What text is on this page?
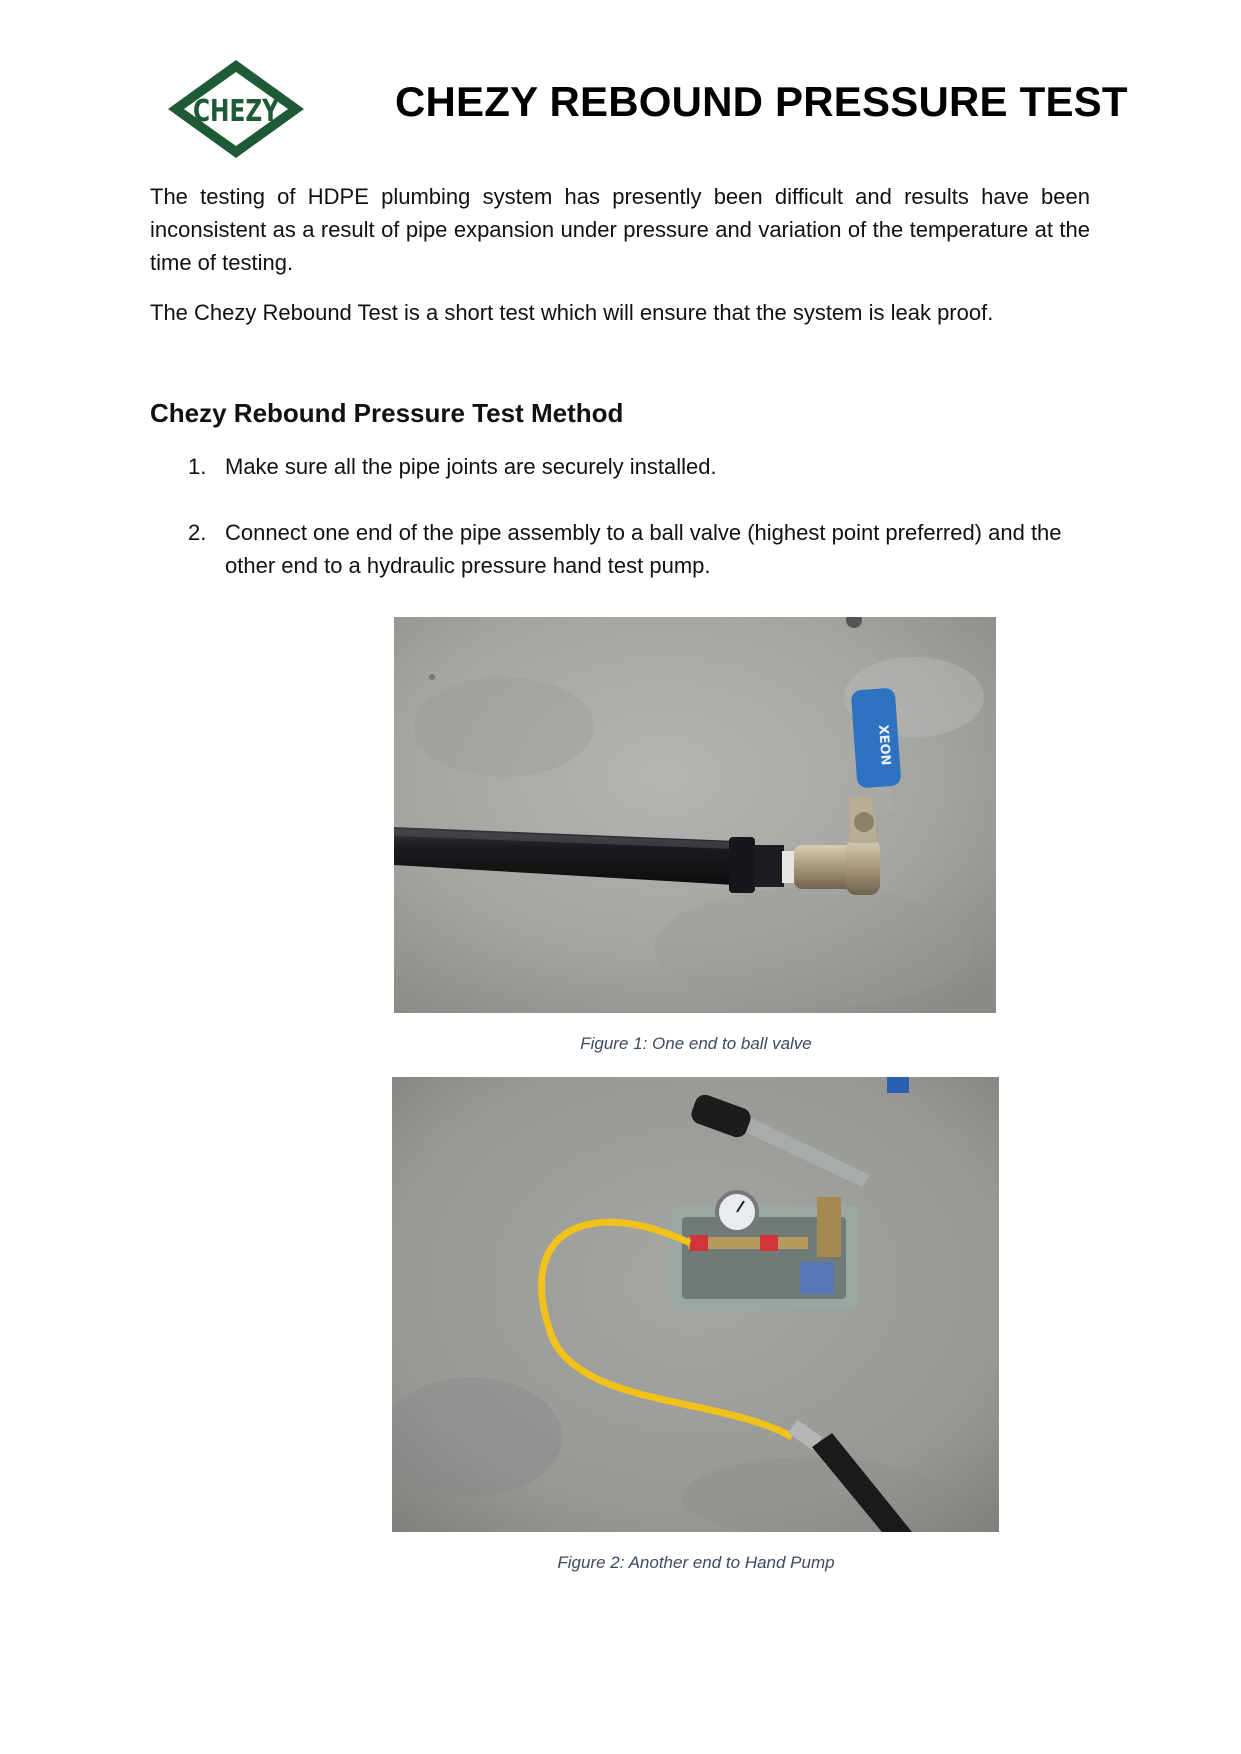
CHEZY	CHEZY REBOUND PRESSURE TEST
The testing of HDPE plumbing system has presently been difficult and results have been inconsistent as a result of pipe expansion under pressure and variation of the temperature at the time of testing.
The Chezy Rebound Test is a short test which will ensure that the system is leak proof.
Chezy Rebound Pressure Test Method
1. Make sure all the pipe joints are securely installed.
2. Connect one end of the pipe assembly to a ball valve (highest point preferred) and the other end to a hydraulic pressure hand test pump.
XEON
Figure 1: One end to ball valve
Figure 2: Another end to Hand Pump
